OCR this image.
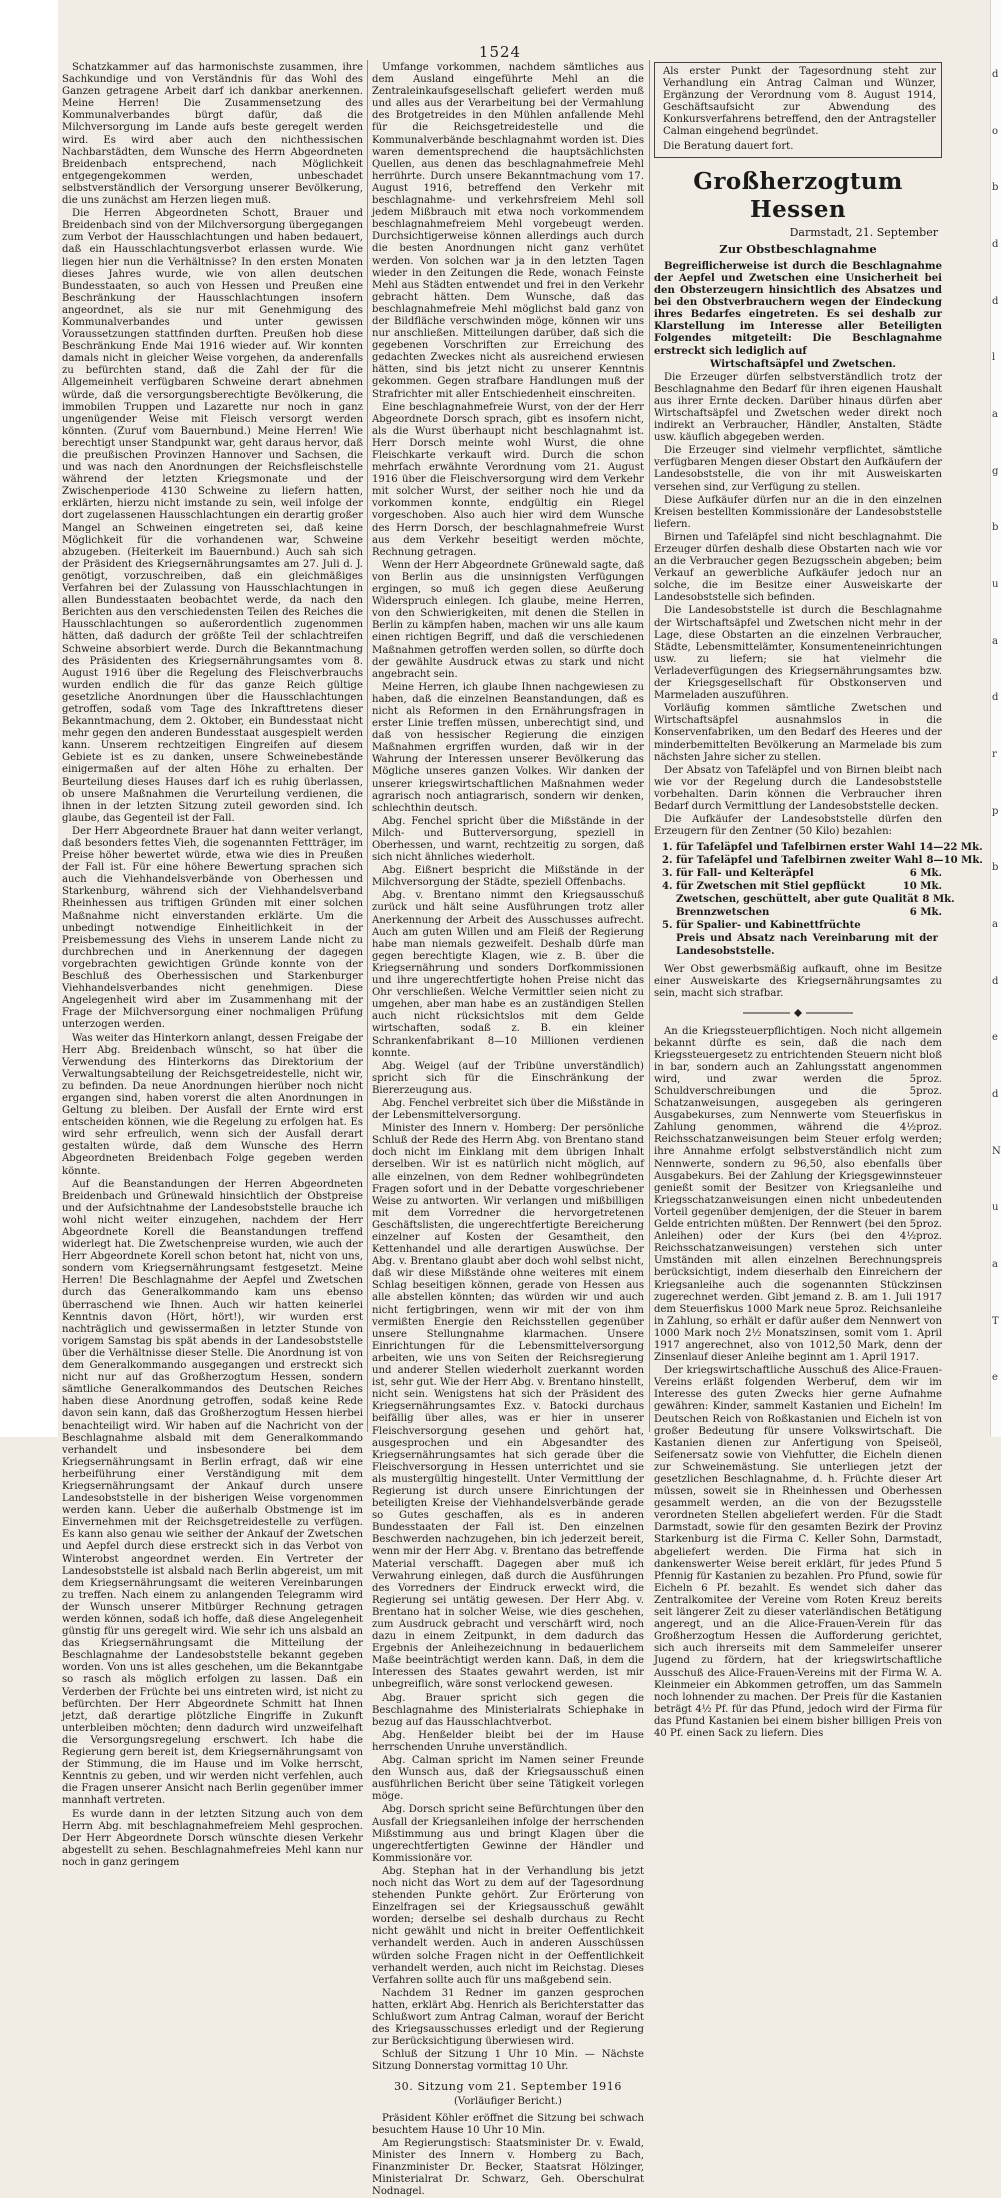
1524

Schatzkammer auf das harmonischste zusammen, ihre Sachkundige und von Verständnis für das Wohl des Ganzen getragene Arbeit darf ich dankbar anerkennen. Meine Herren! Die Zusammensetzung des Kommunalverbandes bürgt dafür, daß die Milchversorgung im Lande aufs beste geregelt werden wird. Es wird aber auch den nichthessischen Nachbarstädten, dem Wunsche des Herrn Abgeordneten Breidenbach entsprechend, nach Möglichkeit entgegengekommen werden, unbeschadet selbstverständlich der Versorgung unserer Bevölkerung, die uns zunächst am Herzen liegen muß.

Die Herren Abgeordneten Schott, Brauer und Breidenbach sind von der Milchversorgung übergegangen zum Verbot der Hausschlachtungen und haben bedauert, daß ein Hausschlachtungsverbot erlassen wurde. Wie liegen hier nun die Verhältnisse? In den ersten Monaten dieses Jahres wurde, wie von allen deutschen Bundesstaaten, so auch von Hessen und Preußen eine Beschränkung der Hausschlachtungen insofern angeordnet, als sie nur mit Genehmigung des Kommunalverbandes und unter gewissen Voraussetzungen stattfinden durften. Preußen hob diese Beschränkung Ende Mai 1916 wieder auf. Wir konnten damals nicht in gleicher Weise vorgehen, da anderenfalls zu befürchten stand, daß die Zahl der für die Allgemeinheit verfügbaren Schweine derart abnehmen würde, daß die versorgungsberechtigte Bevölkerung, die immobilen Truppen und Lazarette nur noch in ganz ungenügender Weise mit Fleisch versorgt werden könnten. (Zuruf vom Bauernbund.) Meine Herren! Wie berechtigt unser Standpunkt war, geht daraus hervor, daß die preußischen Provinzen Hannover und Sachsen, die und was nach den Anordnungen der Reichsfleischstelle während der letzten Kriegsmonate und der Zwischenperiode 4130 Schweine zu liefern hatten, erklärten, hierzu nicht imstande zu sein, weil infolge der dort zugelassenen Hausschlachtungen ein derartig großer Mangel an Schweinen eingetreten sei, daß keine Möglichkeit für die vorhandenen war, Schweine abzugeben. (Heiterkeit im Bauernbund.) Auch sah sich der Präsident des Kriegsernährungsamtes am 27. Juli d. J. genötigt, vorzuschreiben, daß ein gleichmäßiges Verfahren bei der Zulassung von Hausschlachtungen in allen Bundesstaaten beobachtet werde, da nach den Berichten aus den verschiedensten Teilen des Reiches die Hausschlachtungen so außerordentlich zugenommen hätten, daß dadurch der größte Teil der schlachtreifen Schweine absorbiert werde. Durch die Bekanntmachung des Präsidenten des Kriegsernährungsamtes vom 8. August 1916 über die Regelung des Fleischverbrauchs wurden endlich die für das ganze Reich gültige gesetzliche Anordnungen über die Hausschlachtungen getroffen, sodaß vom Tage des Inkrafttretens dieser Bekanntmachung, dem 2. Oktober, ein Bundesstaat nicht mehr gegen den anderen Bundesstaat ausgespielt werden kann. Unserem rechtzeitigen Eingreifen auf diesem Gebiete ist es zu danken, unsere Schweinebestände einigermaßen auf der alten Höhe zu erhalten. Der Beurteilung dieses Hauses darf ich es ruhig überlassen, ob unsere Maßnahmen die Verurteilung verdienen, die ihnen in der letzten Sitzung zuteil geworden sind. Ich glaube, das Gegenteil ist der Fall.

Der Herr Abgeordnete Brauer hat dann weiter verlangt, daß besonders fettes Vieh, die sogenannten Fettträger, im Preise höher bewertet würde, etwa wie dies in Preußen der Fall ist. Für eine höhere Bewertung sprachen sich auch die Viehhandelsverbände von Oberhessen und Starkenburg, während sich der Viehhandelsverband Rheinhessen aus triftigen Gründen mit einer solchen Maßnahme nicht einverstanden erklärte. Um die unbedingt notwendige Einheitlichkeit in der Preisbemessung des Viehs in unserem Lande nicht zu durchbrechen und in Anerkennung der dagegen vorgebrachten gewichtigen Gründe konnte von der Beschluß des Oberhessischen und Starkenburger Viehhandelsverbandes nicht genehmigen. Diese Angelegenheit wird aber im Zusammenhang mit der Frage der Milchversorgung einer nochmaligen Prüfung unterzogen werden.

Was weiter das Hinterkorn anlangt, dessen Freigabe der Herr Abg. Breidenbach wünscht, so hat über die Verwendung des Hinterkorns das Direktorium der Verwaltungsabteilung der Reichsgetreidestelle, nicht wir, zu befinden. Da neue Anordnungen hierüber noch nicht ergangen sind, haben vorerst die alten Anordnungen in Geltung zu bleiben. Der Ausfall der Ernte wird erst entscheiden können, wie die Regelung zu erfolgen hat. Es wird sehr erfreulich, wenn sich der Ausfall derart gestalten würde, daß dem Wunsche des Herrn Abgeordneten Breidenbach Folge gegeben werden könnte.

Auf die Beanstandungen der Herren Abgeordneten Breidenbach und Grünewald hinsichtlich der Obstpreise und der Aufsichtnahme der Landesobststelle brauche ich wohl nicht weiter einzugehen, nachdem der Herr Abgeordnete Korell die Beanstandungen treffend widerlegt hat. Die Zwetschenpreise wurden, wie auch der Herr Abgeordnete Korell schon betont hat, nicht von uns, sondern vom Kriegsernährungsamt festgesetzt. Meine Herren! Die Beschlagnahme der Aepfel und Zwetschen durch das Generalkommando kam uns ebenso überraschend wie Ihnen. Auch wir hatten keinerlei Kenntnis davon (Hört, hört!), wir wurden erst nachträglich und gewissermaßen in letzter Stunde von vorigem Samstag bis spät abends in der Landesobststelle über die Verhältnisse dieser Stelle. Die Anordnung ist von dem Generalkommando ausgegangen und erstreckt sich nicht nur auf das Großherzogtum Hessen, sondern sämtliche Generalkommandos des Deutschen Reiches haben diese Anordnung getroffen, sodaß keine Rede davon sein kann, daß das Großherzogtum Hessen hierbei benachteiligt wird. Wir haben auf die Nachricht von der Beschlagnahme alsbald mit dem Generalkommando verhandelt und insbesondere bei dem Kriegsernährungsamt in Berlin erfragt, daß wir eine herbeiführung einer Verständigung mit dem Kriegsernährungsamt der Ankauf durch unsere Landesobststelle in der bisherigen Weise vorgenommen werden kann. Ueber die außerhalb Obstmenge ist im Einvernehmen mit der Reichsgetreidestelle zu verfügen. Es kann also genau wie seither der Ankauf der Zwetschen und Aepfel durch diese erstreckt sich in das Verbot von Winterobst angeordnet werden. Ein Vertreter der Landesobststelle ist alsbald nach Berlin abgereist, um mit dem Kriegsernährungsamt die weiteren Vereinbarungen zu treffen. Nach einem zu anlangenden Telegramm wird der Wunsch unserer Mitbürger Rechnung getragen werden können, sodaß ich hoffe, daß diese Angelegenheit günstig für uns geregelt wird. Wie sehr ich uns alsbald an das Kriegsernährungsamt die Mitteilung der Beschlagnahme der Landesobststelle bekannt gegeben worden. Von uns ist alles geschehen, um die Bekanntgabe so rasch als möglich erfolgen zu lassen. Daß ein Verderben der Früchte bei uns eintreten wird, ist nicht zu befürchten. Der Herr Abgeordnete Schmitt hat Ihnen jetzt, daß derartige plötzliche Eingriffe in Zukunft unterbleiben möchten; denn dadurch wird unzweifelhaft die Versorgungsregelung erschwert. Ich habe die Regierung gern bereit ist, dem Kriegsernährungsamt von der Stimmung, die im Hause und im Volke herrscht, Kenntnis zu geben, und wir werden nicht verfehlen, auch die Fragen unserer Ansicht nach Berlin gegenüber immer mannhaft vertreten.

Es wurde dann in der letzten Sitzung auch von dem Herrn Abg. mit beschlagnahmefreiem Mehl gesprochen. Der Herr Abgeordnete Dorsch wünschte diesen Verkehr abgestellt zu sehen. Beschlagnahmefreies Mehl kann nur noch in ganz geringem

Umfange vorkommen, nachdem sämtliches aus dem Ausland eingeführte Mehl an die Zentraleinkaufsgesellschaft geliefert werden muß und alles aus der Verarbeitung bei der Vermahlung des Brotgetreides in den Mühlen anfallende Mehl für die Reichsgetreidestelle und die Kommunalverbände beschlagnahmt worden ist. Dies waren dementsprechend die hauptsächlichsten Quellen, aus denen das beschlagnahmefreie Mehl herrührte. Durch unsere Bekanntmachung vom 17. August 1916, betreffend den Verkehr mit beschlagnahme- und verkehrsfreiem Mehl soll jedem Mißbrauch mit etwa noch vorkommendem beschlagnahmefreiem Mehl vorgebeugt werden. Durchsichtigerweise können allerdings auch durch die besten Anordnungen nicht ganz verhütet werden. Von solchen war ja in den letzten Tagen wieder in den Zeitungen die Rede, wonach Feinste Mehl aus Städten entwendet und frei in den Verkehr gebracht hätten. Dem Wunsche, daß das beschlagnahmefreie Mehl möglichst bald ganz von der Bildfläche verschwinden möge, können wir uns nur anschließen. Mitteilungen darüber, daß sich die gegebenen Vorschriften zur Erreichung des gedachten Zweckes nicht als ausreichend erwiesen hätten, sind bis jetzt nicht zu unserer Kenntnis gekommen. Gegen strafbare Handlungen muß der Strafrichter mit aller Entschiedenheit einschreiten.

Eine beschlagnahmefreie Wurst, von der der Herr Abgeordnete Dorsch sprach, gibt es insofern nicht, als die Wurst überhaupt nicht beschlagnahmt ist. Herr Dorsch meinte wohl Wurst, die ohne Fleischkarte verkauft wird. Durch die schon mehrfach erwähnte Verordnung vom 21. August 1916 über die Fleischversorgung wird dem Verkehr mit solcher Wurst, der seither noch hie und da vorkommen konnte, endgültig ein Riegel vorgeschoben. Also auch hier wird dem Wunsche des Herrn Dorsch, der beschlagnahmefreie Wurst aus dem Verkehr beseitigt werden möchte, Rechnung getragen.

Wenn der Herr Abgeordnete Grünewald sagte, daß von Berlin aus die unsinnigsten Verfügungen ergingen, so muß ich gegen diese Aeußerung Widerspruch einlegen. Ich glaube, meine Herren, von den Schwierigkeiten, mit denen die Stellen in Berlin zu kämpfen haben, machen wir uns alle kaum einen richtigen Begriff, und daß die verschiedenen Maßnahmen getroffen werden sollen, so dürfte doch der gewählte Ausdruck etwas zu stark und nicht angebracht sein.

Meine Herren, ich glaube Ihnen nachgewiesen zu haben, daß die einzelnen Beanstandungen, daß es nicht als Reformen in den Ernährungsfragen in erster Linie treffen müssen, unberechtigt sind, und daß von hessischer Regierung die einzigen Maßnahmen ergriffen wurden, daß wir in der Wahrung der Interessen unserer Bevölkerung das Mögliche unseres ganzen Volkes. Wir danken der unserer kriegswirtschaftlichen Maßnahmen weder agrarisch noch antiagrarisch, sondern wir denken, schlechthin deutsch.

Abg. Fenchel spricht über die Mißstände in der Milch- und Butterversorgung, speziell in Oberhessen, und warnt, rechtzeitig zu sorgen, daß sich nicht ähnliches wiederholt.

Abg. Eißnert bespricht die Mißstände in der Milchversorgung der Städte, speziell Offenbachs.

Abg. v. Brentano nimmt den Kriegsausschuß zurück und hält seine Ausführungen trotz aller Anerkennung der Arbeit des Ausschusses aufrecht. Auch am guten Willen und am Fleiß der Regierung habe man niemals gezweifelt. Deshalb dürfe man gegen berechtigte Klagen, wie z. B. über die Kriegsernährung und sonders Dorfkommissionen und ihre ungerechtfertigte hohen Preise nicht das Ohr verschließen. Welche Vermittler seien nicht zu umgehen, aber man habe es an zuständigen Stellen auch nicht rücksichtslos mit dem Gelde wirtschaften, sodaß z. B. ein kleiner Schrankenfabrikant 8—10 Millionen verdienen konnte.

Abg. Weigel (auf der Tribüne unverständlich) spricht sich für die Einschränkung der Biererzeugung aus.

Abg. Fenchel verbreitet sich über die Mißstände in der Lebensmittelversorgung.

Minister des Innern v. Homberg: Der persönliche Schluß der Rede des Herrn Abg. von Brentano stand doch nicht im Einklang mit dem übrigen Inhalt derselben. Wir ist es natürlich nicht möglich, auf alle einzelnen, von dem Redner wohlbegründeten Fragen sofort und in der Debatte vorgeschriebener Weise zu antworten. Wir verlangen und mißbilligen mit dem Vorredner die hervorgetretenen Geschäftslisten, die ungerechtfertigte Bereicherung einzelner auf Kosten der Gesamtheit, den Kettenhandel und alle derartigen Auswüchse. Der Abg. v. Brentano glaubt aber doch wohl selbst nicht, daß wir diese Mißstände ohne weiteres mit einem Schlag beseitigen können, gerade von Hessen aus alle abstellen könnten; das würden wir und auch nicht fertigbringen, wenn wir mit der von ihm vermißten Energie den Reichsstellen gegenüber unsere Stellungnahme klarmachen. Unsere Einrichtungen für die Lebensmittelversorgung arbeiten, wie uns von Seiten der Reichsregierung und anderer Stellen wiederholt zuerkannt worden ist, sehr gut. Wie der Herr Abg. v. Brentano hinstellt, nicht sein. Wenigstens hat sich der Präsident des Kriegsernährungsamtes Exz. v. Batocki durchaus beifällig über alles, was er hier in unserer Fleischversorgung gesehen und gehört hat, ausgesprochen und ein Abgesandter des Kriegsernährungsamtes hat sich gerade über die Fleischversorgung in Hessen unterrichtet und sie als mustergültig hingestellt. Unter Vermittlung der Regierung ist durch unsere Einrichtungen der beteiligten Kreise der Viehhandelsverbände gerade so Gutes geschaffen, als es in anderen Bundesstaaten der Fall ist. Den einzelnen Beschwerden nachzugehen, bin ich jederzeit bereit, wenn mir der Herr Abg. v. Brentano das betreffende Material verschafft. Dagegen aber muß ich Verwahrung einlegen, daß durch die Ausführungen des Vorredners der Eindruck erweckt wird, die Regierung sei untätig gewesen. Der Herr Abg. v. Brentano hat in solcher Weise, wie dies geschehen, zum Ausdruck gebracht und verschärft wird, noch dazu in einem Zeitpunkt, in dem dadurch das Ergebnis der Anleihezeichnung in bedauerlichem Maße beeinträchtigt werden kann. Daß, in dem die Interessen des Staates gewahrt werden, ist mir unbegreiflich, wäre sonst verlockend gewesen.

Abg. Brauer spricht sich gegen die Beschlagnahme des Ministerialrats Schiephake in bezug auf das Hausschlachtverbot.

Abg. Henßelder bleibt bei der im Hause herrschenden Unruhe unverständlich.

Abg. Calman spricht im Namen seiner Freunde den Wunsch aus, daß der Kriegsausschuß einen ausführlichen Bericht über seine Tätigkeit vorlegen möge.

Abg. Dorsch spricht seine Befürchtungen über den Ausfall der Kriegsanleihen infolge der herrschenden Mißstimmung aus und bringt Klagen über die ungerechtfertigten Gewinne der Händler und Kommissionäre vor.

Abg. Stephan hat in der Verhandlung bis jetzt noch nicht das Wort zu dem auf der Tagesordnung stehenden Punkte gehört. Zur Erörterung von Einzelfragen sei der Kriegsausschuß gewählt worden; derselbe sei deshalb durchaus zu Recht nicht gewählt und nicht in breiter Oeffentlichkeit verhandelt werden. Auch in anderen Ausschüssen würden solche Fragen nicht in der Oeffentlichkeit verhandelt werden, auch nicht im Reichstag. Dieses Verfahren sollte auch für uns maßgebend sein.

Nachdem 31 Redner im ganzen gesprochen hatten, erklärt Abg. Henrich als Berichterstatter das Schlußwort zum Antrag Calman, worauf der Bericht des Kriegsausschusses erledigt und der Regierung zur Berücksichtigung überwiesen wird.

Schluß der Sitzung 1 Uhr 10 Min. — Nächste Sitzung Donnerstag vormittag 10 Uhr.

30. Sitzung vom 21. September 1916
(Vorläufiger Bericht.)

Präsident Köhler eröffnet die Sitzung bei schwach besuchtem Hause 10 Uhr 10 Min.

Am Regierungstisch: Staatsminister Dr. v. Ewald, Minister des Innern v. Homberg zu Bach, Finanzminister Dr. Becker, Staatsrat Hölzinger, Ministerialrat Dr. Schwarz, Geh. Oberschulrat Nodnagel.

Als erster Punkt der Tagesordnung steht zur Verhandlung ein Antrag Calman und Wünzer, Ergänzung der Verordnung vom 8. August 1914, Geschäftsaufsicht zur Abwendung des Konkursverfahrens betreffend, den der Antragsteller Calman eingehend begründet.

Die Beratung dauert fort.

Großherzogtum Hessen
Darmstadt, 21. September
Zur Obstbeschlagnahme

Begreiflicherweise ist durch die Beschlagnahme der Aepfel und Zwetschen eine Unsicherheit bei den Obsterzeugern hinsichtlich des Absatzes und bei den Obstverbrauchern wegen der Eindeckung ihres Bedarfes eingetreten. Es sei deshalb zur Klarstellung im Interesse aller Beteiligten Folgendes mitgeteilt: Die Beschlagnahme erstreckt sich lediglich auf

Wirtschaftsäpfel und Zwetschen.

Die Erzeuger dürfen selbstverständlich trotz der Beschlagnahme den Bedarf für ihren eigenen Haushalt aus ihrer Ernte decken. Darüber hinaus dürfen aber Wirtschaftsäpfel und Zwetschen weder direkt noch indirekt an Verbraucher, Händler, Anstalten, Städte usw. käuflich abgegeben werden.

Die Erzeuger sind vielmehr verpflichtet, sämtliche verfügbaren Mengen dieser Obstart den Aufkäufern der Landesobststelle, die von ihr mit Ausweiskarten versehen sind, zur Verfügung zu stellen.

Diese Aufkäufer dürfen nur an die in den einzelnen Kreisen bestellten Kommissionäre der Landesobststelle liefern.

Birnen und Tafeläpfel sind nicht beschlagnahmt. Die Erzeuger dürfen deshalb diese Obstarten nach wie vor an die Verbraucher gegen Bezugsschein abgeben; beim Verkauf an gewerbliche Aufkäufer jedoch nur an solche, die im Besitze einer Ausweiskarte der Landesobststelle sich befinden.

Die Landesobststelle ist durch die Beschlagnahme der Wirtschaftsäpfel und Zwetschen nicht mehr in der Lage, diese Obstarten an die einzelnen Verbraucher, Städte, Lebensmittelämter, Konsumenteneinrichtungen usw. zu liefern; sie hat vielmehr die Verladeverfügungen des Kriegsernährungsamtes bzw. der Kriegsgesellschaft für Obstkonserven und Marmeladen auszuführen.

Vorläufig kommen sämtliche Zwetschen und Wirtschaftsäpfel ausnahmslos in die Konservenfabriken, um den Bedarf des Heeres und der minderbemittelten Bevölkerung an Marmelade bis zum nächsten Jahre sicher zu stellen.

Der Absatz von Tafeläpfel und von Birnen bleibt nach wie vor der Regelung durch die Landesobststelle vorbehalten. Darin können die Verbraucher ihren Bedarf durch Vermittlung der Landesobststelle decken.

Die Aufkäufer der Landesobststelle dürfen den Erzeugern für den Zentner (50 Kilo) bezahlen:

1. für Tafeläpfel und Tafelbirnen erster Wahl 14—22 Mk.
2. für Tafeläpfel und Tafelbirnen zweiter Wahl 8—10 Mk.
3. für Fall- und Kelteräpfel	6 Mk.
4. für Zwetschen mit Stiel gepflückt	10 Mk.
Zwetschen, geschüttelt, aber gute Qualität 8 Mk.
Brennzwetschen	6 Mk.
5. für Spalier- und Kabinettfrüchte
Preis und Absatz nach Vereinbarung mit der Landesobststelle.

Wer Obst gewerbsmäßig aufkauft, ohne im Besitze einer Ausweiskarte des Kriegsernährungsamtes zu sein, macht sich strafbar.

An die Kriegssteuerpflichtigen. Noch nicht allgemein bekannt dürfte es sein, daß die nach dem Kriegssteuergesetz zu entrichtenden Steuern nicht bloß in bar, sondern auch an Zahlungsstatt angenommen wird, und zwar werden die 5proz. Schuldverschreibungen und die 5proz. Schatzanweisungen, ausgegeben als geringeren Ausgabekurses, zum Nennwerte vom Steuerfiskus in Zahlung genommen, während die 4½proz. Reichsschatzanweisungen beim Steuer erfolg werden; ihre Annahme erfolgt selbstverständlich nicht zum Nennwerte, sondern zu 96,50, also ebenfalls über Ausgabekurs. Bei der Zahlung der Kriegsgewinnsteuer genießt somit der Besitzer von Kriegsanleihe und Kriegsschatzanweisungen einen nicht unbedeutenden Vorteil gegenüber demjenigen, der die Steuer in barem Gelde entrichten müßten. Der Rennwert (bei den 5proz. Anleihen) oder der Kurs (bei den 4½proz. Reichsschatzanweisungen) verstehen sich unter Umständen mit allen einzelnen Berechnungspreis berücksichtigt, indem dieserhalb den Einreichern der Kriegsanleihe auch die sogenannten Stückzinsen zugerechnet werden. Gibt jemand z. B. am 1. Juli 1917 dem Steuerfiskus 1000 Mark neue 5proz. Reichsanleihe in Zahlung, so erhält er dafür außer dem Nennwert von 1000 Mark noch 2½ Monatszinsen, somit vom 1. April 1917 angerechnet, also von 1012,50 Mark, denn der Zinsenlauf dieser Anleihe beginnt am 1. April 1917.

Der kriegswirtschaftliche Ausschuß des Alice-Frauen-Vereins erläßt folgenden Werberuf, dem wir im Interesse des guten Zwecks hier gerne Aufnahme gewähren: Kinder, sammelt Kastanien und Eicheln! Im Deutschen Reich von Roßkastanien und Eicheln ist von großer Bedeutung für unsere Volkswirtschaft. Die Kastanien dienen zur Anfertigung von Speiseöl, Seifenersatz sowie von Viehfutter, die Eicheln dienen zur Schweinemästung. Sie unterliegen jetzt der gesetzlichen Beschlagnahme, d. h. Früchte dieser Art müssen, soweit sie in Rheinhessen und Oberhessen gesammelt werden, an die von der Bezugsstelle verordneten Stellen abgeliefert werden. Für die Stadt Darmstadt, sowie für den gesamten Bezirk der Provinz Starkenburg ist die Firma C. Keller Sohn, Darmstadt, abgeliefert werden. Die Firma hat sich in dankenswerter Weise bereit erklärt, für jedes Pfund 5 Pfennig für Kastanien zu bezahlen. Pro Pfund, sowie für Eicheln 6 Pf. bezahlt. Es wendet sich daher das Zentralkomitee der Vereine vom Roten Kreuz bereits seit längerer Zeit zu dieser vaterländischen Betätigung angeregt, und an die Alice-Frauen-Verein für das Großherzogtum Hessen die Aufforderung gerichtet, sich auch ihrerseits mit dem Sammeleifer unserer Jugend zu fördern, hat der kriegswirtschaftliche Ausschuß des Alice-Frauen-Vereins mit der Firma W. A. Kleinmeier ein Abkommen getroffen, um das Sammeln noch lohnender zu machen. Der Preis für die Kastanien beträgt 4½ Pf. für das Pfund, jedoch wird der Firma für das Pfund Kastanien bei einem bisher billigen Preis von 40 Pf. einen Sack zu liefern. Dies

d
o
b
d
d
l
a
g
b
u
a
d
r
p
b
a
d
e
d
N
u
a
T
e
